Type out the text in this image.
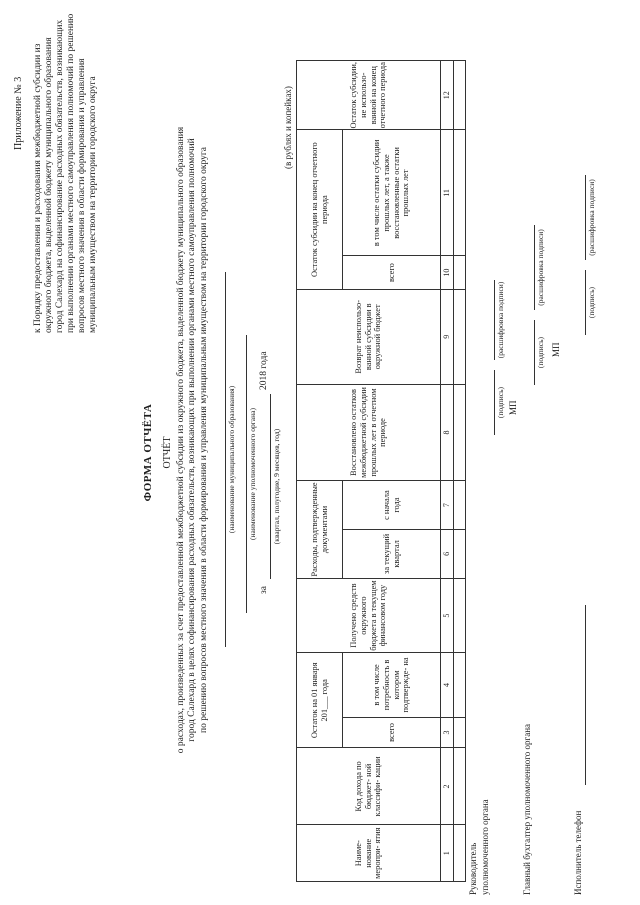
Приложение № 3 к Порядку предоставления и расходования межбюджетной субсидии из окружного бюджета, выделенной бюджету муниципального образования город Салехард на софинансирование расходных обязательств, возникающих при выполнении органами местного самоуправления полномочий по решению вопросов местного значения в области формирования и управления муниципальным имуществом на территории городского округа
ФОРМА ОТЧЁТА ОТЧЁТ о расходах, произведенных за счет предоставленной межбюджетной субсидии из окружного бюджета, выделенной бюджету муниципального образования город Салехард в целях софинансирования расходных обязательств, возникающих при выполнении органами местного самоуправления полномочий по решению вопросов местного значения в области формирования и управления муниципальным имуществом на территории городского округа (наименование муниципального образования) (наименование уполномоченного органа)
за
2018 года
(квартал, полугодие, 9 месяцев, год)
(в рублях и копейках)
Наиме- нование меропри- ятия	Код дохода по бюджет- ной классифи- кации	Остаток на 01 января 201___ года		Получено средств окружного бюджета в текущем финансовом году	Расходы, подтвержденные документами		Восстановлено остатков межбюджетной субсидии прошлых лет в отчетном периоде	Возврат неиспользо- ванной субсидии в окружной бюджет	Остаток субсидии на конец отчетного периода		Остаток субсидии, не использо- ванной на конец отчетного периода

		всего	в том числе потребность в котором подтвержде- на		за текущий квартал	с начала года			всего	в том числе остатки субсидии прошлых лет, а также восстановленные остатки прошлых лет	
1	2	3	4	5	6	7	8	9	10	11	12

Руководитель уполномоченного органа
(подпись)
(расшифровка подписи)
МП
Главный бухгалтер уполномоченного органа
(подпись)
(расшифровка подписи)
МП
Исполнитель телефон
(подпись)
(расшифровка подписи)
